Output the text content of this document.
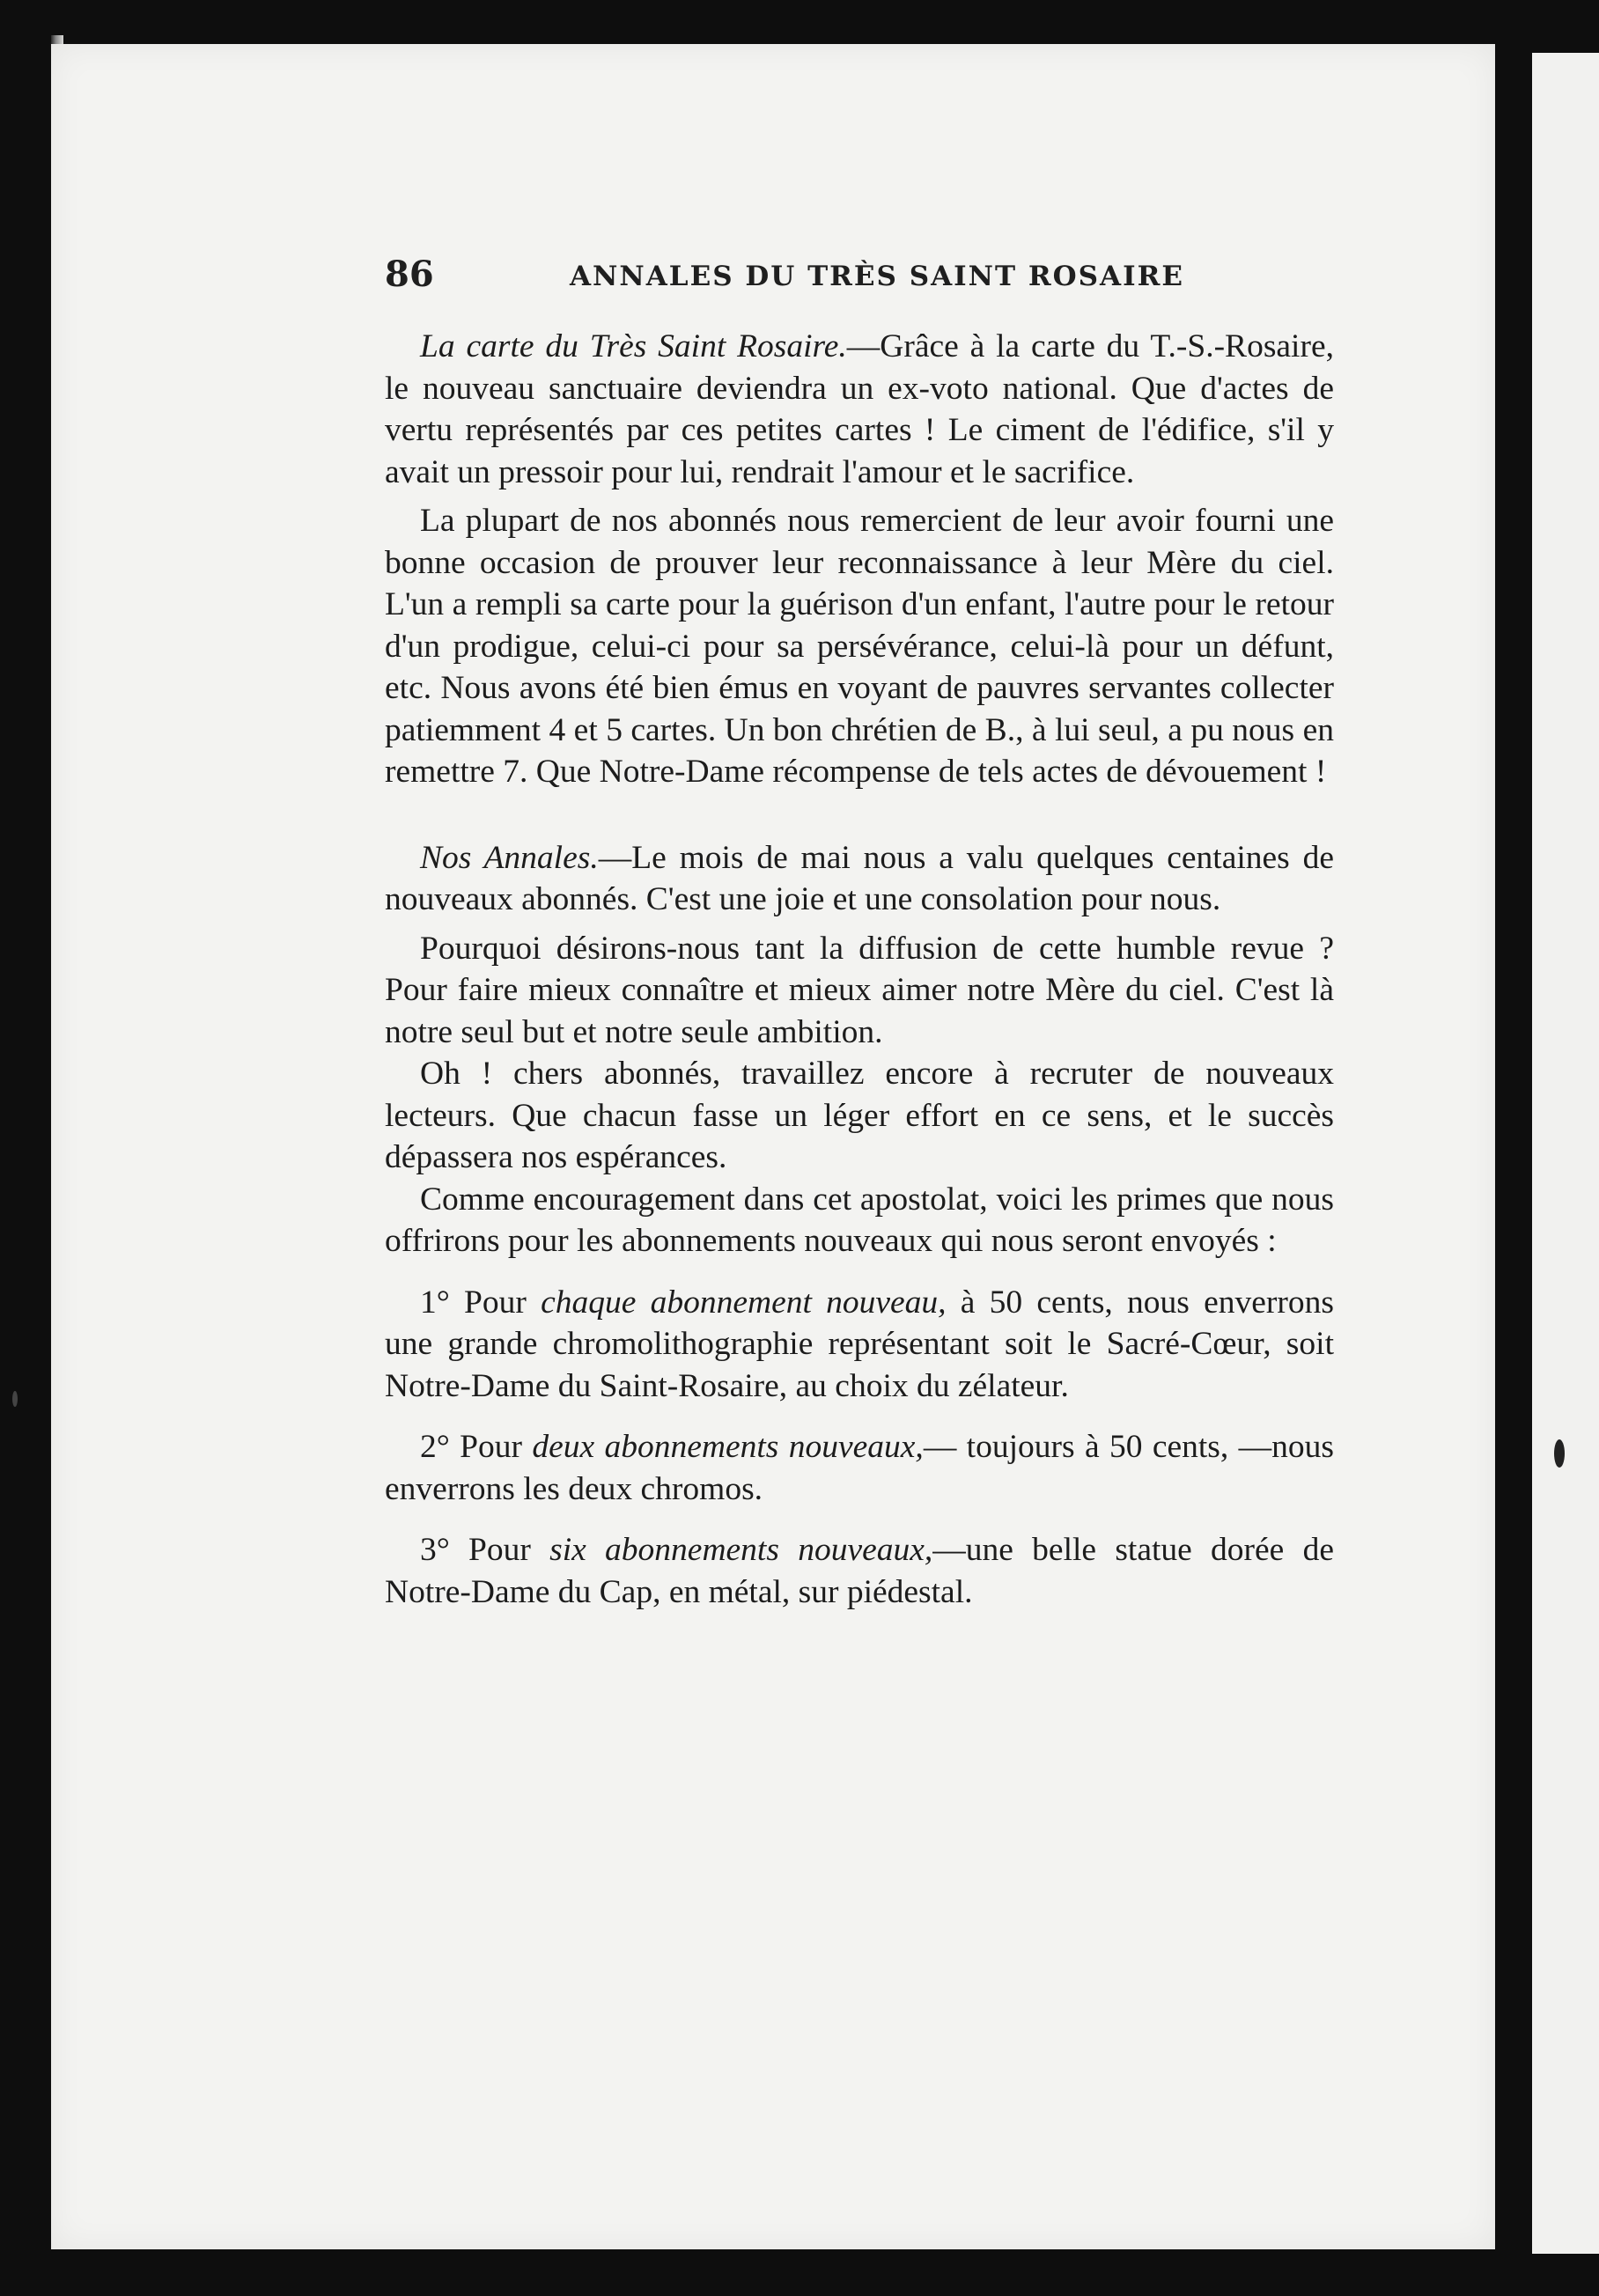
86	ANNALES DU TRÈS SAINT ROSAIRE

La carte du Très Saint Rosaire.—Grâce à la carte du T.-S.-Rosaire, le nouveau sanctuaire deviendra un ex-voto national. Que d'actes de vertu représentés par ces petites cartes ! Le ciment de l'édifice, s'il y avait un pressoir pour lui, rendrait l'amour et le sacrifice.

La plupart de nos abonnés nous remercient de leur avoir fourni une bonne occasion de prouver leur reconnaissance à leur Mère du ciel. L'un a rempli sa carte pour la guérison d'un enfant, l'autre pour le retour d'un prodigue, celui-ci pour sa persévérance, celui-là pour un défunt, etc. Nous avons été bien émus en voyant de pauvres servantes collecter patiemment 4 et 5 cartes. Un bon chrétien de B., à lui seul, a pu nous en remettre 7. Que Notre-Dame récompense de tels actes de dévouement !

Nos Annales.—Le mois de mai nous a valu quelques centaines de nouveaux abonnés. C'est une joie et une consolation pour nous.

Pourquoi désirons-nous tant la diffusion de cette humble revue ? Pour faire mieux connaître et mieux aimer notre Mère du ciel. C'est là notre seul but et notre seule ambition.

Oh ! chers abonnés, travaillez encore à recruter de nouveaux lecteurs. Que chacun fasse un léger effort en ce sens, et le succès dépassera nos espérances.

Comme encouragement dans cet apostolat, voici les primes que nous offrirons pour les abonnements nouveaux qui nous seront envoyés :

1° Pour chaque abonnement nouveau, à 50 cents, nous enverrons une grande chromolithographie représentant soit le Sacré-Cœur, soit Notre-Dame du Saint-Rosaire, au choix du zélateur.

2° Pour deux abonnements nouveaux,— toujours à 50 cents, —nous enverrons les deux chromos.

3° Pour six abonnements nouveaux,—une belle statue dorée de Notre-Dame du Cap, en métal, sur piédestal.
